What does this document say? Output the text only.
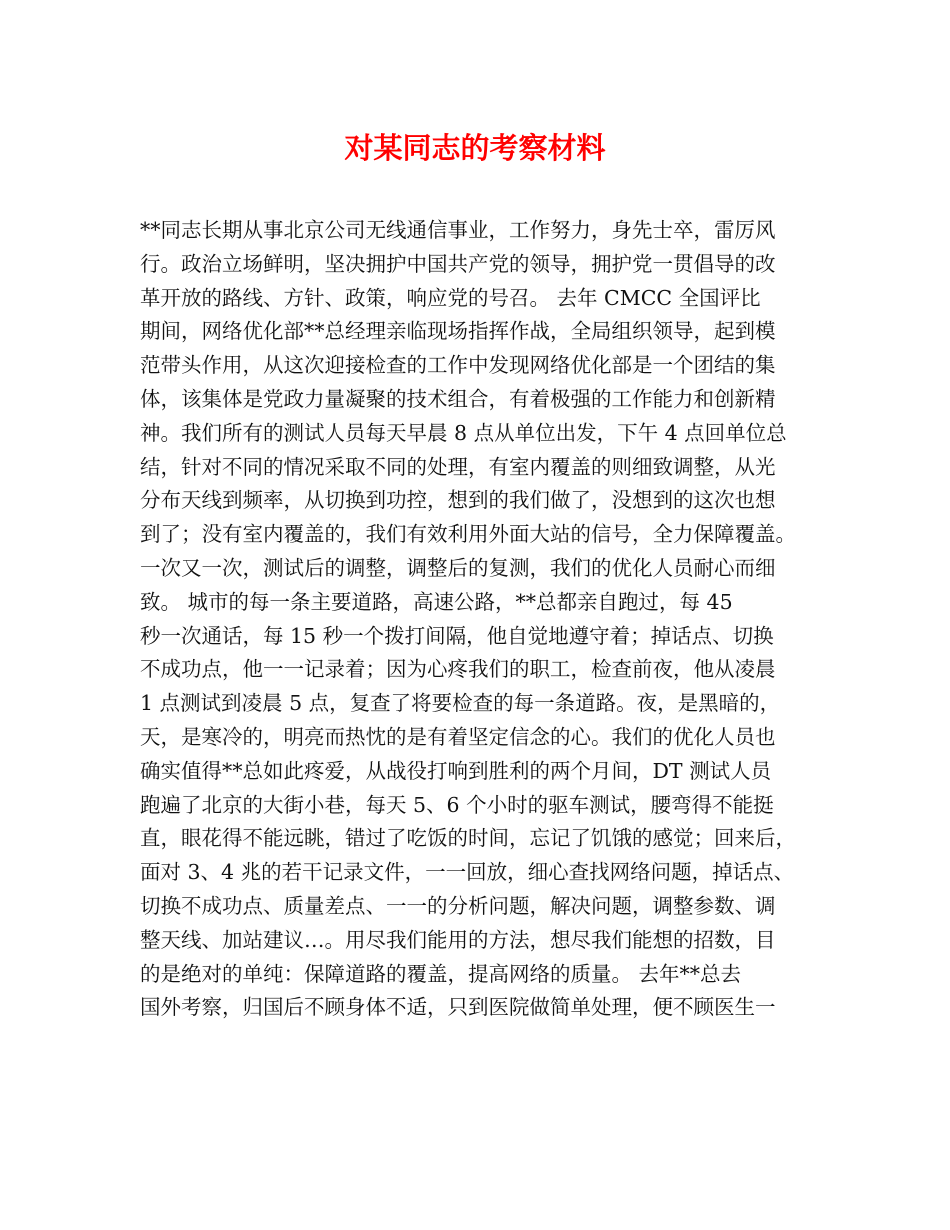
对某同志的考察材料
**同志长期从事北京公司无线通信事业，工作努力，身先士卒，雷厉风
行。政治立场鲜明，坚决拥护中国共产党的领导，拥护党一贯倡导的改
革开放的路线、方针、政策，响应党的号召。 去年 CMCC 全国评比
期间，网络优化部**总经理亲临现场指挥作战，全局组织领导，起到模
范带头作用，从这次迎接检查的工作中发现网络优化部是一个团结的集
体，该集体是党政力量凝聚的技术组合，有着极强的工作能力和创新精
神。我们所有的测试人员每天早晨 8 点从单位出发，下午 4 点回单位总
结，针对不同的情况采取不同的处理，有室内覆盖的则细致调整，从光
分布天线到频率，从切换到功控，想到的我们做了，没想到的这次也想
到了；没有室内覆盖的，我们有效利用外面大站的信号，全力保障覆盖。
一次又一次，测试后的调整，调整后的复测，我们的优化人员耐心而细
致。 城市的每一条主要道路，高速公路，**总都亲自跑过，每 45
秒一次通话，每 15 秒一个拨打间隔，他自觉地遵守着；掉话点、切换
不成功点，他一一记录着；因为心疼我们的职工，检查前夜，他从凌晨
1 点测试到凌晨 5 点，复查了将要检查的每一条道路。夜，是黑暗的，
天，是寒冷的，明亮而热忱的是有着坚定信念的心。我们的优化人员也
确实值得**总如此疼爱，从战役打响到胜利的两个月间，DT 测试人员
跑遍了北京的大街小巷，每天 5、6 个小时的驱车测试，腰弯得不能挺
直，眼花得不能远眺，错过了吃饭的时间，忘记了饥饿的感觉；回来后，
面对 3、4 兆的若干记录文件，一一回放，细心查找网络问题，掉话点、
切换不成功点、质量差点、一一的分析问题，解决问题，调整参数、调
整天线、加站建议…。用尽我们能用的方法，想尽我们能想的招数，目
的是绝对的单纯：保障道路的覆盖，提高网络的质量。 去年**总去
国外考察，归国后不顾身体不适，只到医院做简单处理，便不顾医生一
